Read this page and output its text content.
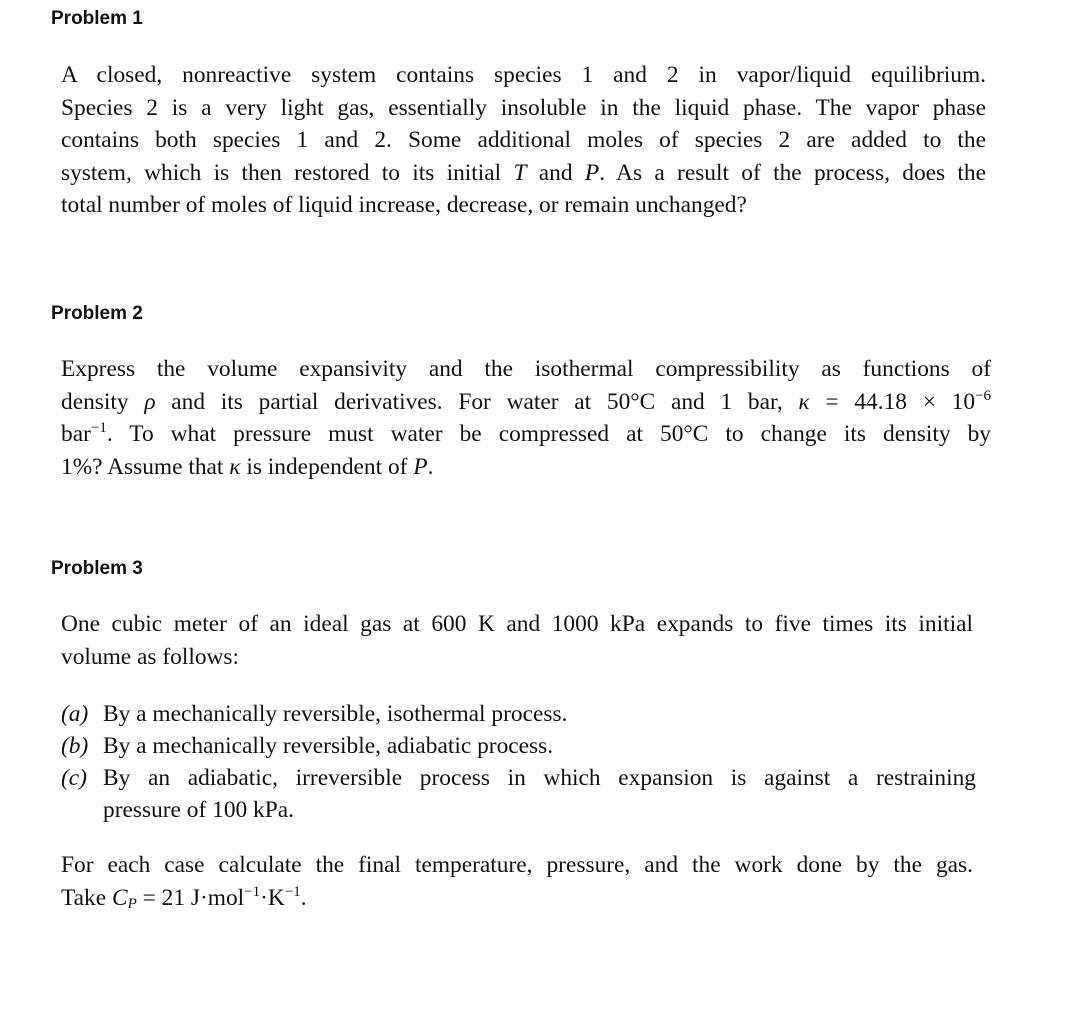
Problem 1
A closed, nonreactive system contains species 1 and 2 in vapor/liquid equilibrium.
Species 2 is a very light gas, essentially insoluble in the liquid phase. The vapor phase
contains both species 1 and 2. Some additional moles of species 2 are added to the
system, which is then restored to its initial T and P. As a result of the process, does the
total number of moles of liquid increase, decrease, or remain unchanged?
Problem 2
Express the volume expansivity and the isothermal compressibility as functions of
density ρ and its partial derivatives. For water at 50°C and 1 bar, $\kappa = 44.18 \times 10^{-6}$
bar$^{-1}$. To what pressure must water be compressed at 50°C to change its density by
1%? Assume that κ is independent of P.
Problem 3
One cubic meter of an ideal gas at 600 K and 1000 kPa expands to five times its initial
volume as follows:
(a) By a mechanically reversible, isothermal process.
(b) By a mechanically reversible, adiabatic process.
(c) By an adiabatic, irreversible process in which expansion is against a restraining
pressure of 100 kPa.
For each case calculate the final temperature, pressure, and the work done by the gas.
Take $C_P = 21$ $J\cdot mol^{-1}\cdot K^{-1}$.
